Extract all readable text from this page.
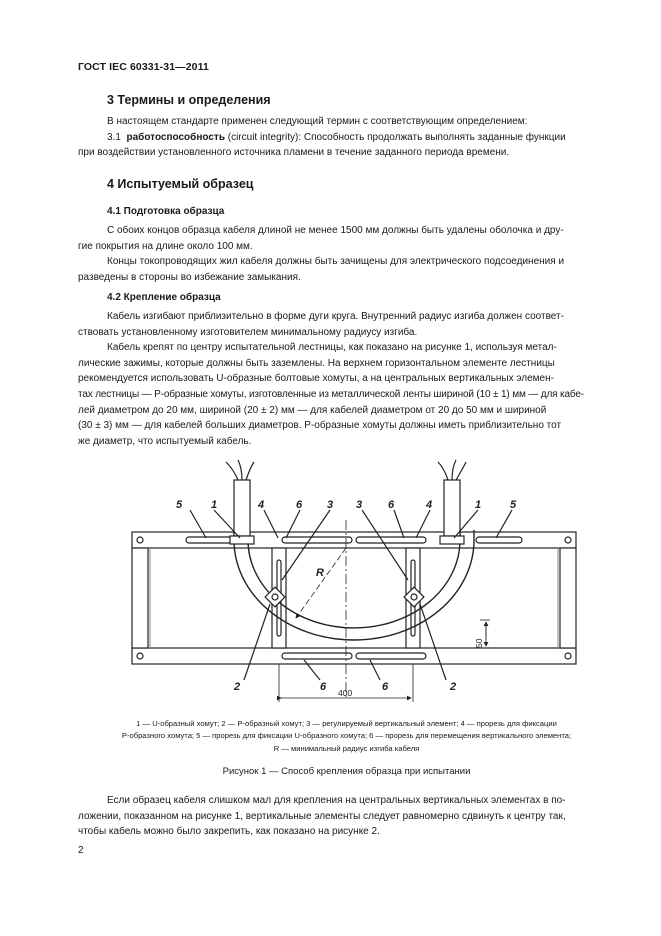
ГОСТ IEC 60331-31—2011
3 Термины и определения
В настоящем стандарте применен следующий термин с соответствующим определением:
3.1 работоспособность (circuit integrity): Способность продолжать выполнять заданные функции
при воздействии установленного источника пламени в течение заданного периода времени.
4 Испытуемый образец
4.1 Подготовка образца
С обоих концов образца кабеля длиной не менее 1500 мм должны быть удалены оболочка и дру-
гие покрытия на длине около 100 мм.
Концы токопроводящих жил кабеля должны быть зачищены для электрического подсоединения и
разведены в стороны во избежание замыкания.
4.2 Крепление образца
Кабель изгибают приблизительно в форме дуги круга. Внутренний радиус изгиба должен соответ-
ствовать установленному изготовителем минимальному радиусу изгиба.
Кабель крепят по центру испытательной лестницы, как показано на рисунке 1, используя метал-
лические зажимы, которые должны быть заземлены. На верхнем горизонтальном элементе лестницы
рекомендуется использовать U-образные болтовые хомуты, а на центральных вертикальных элемен-
тах лестницы — Р-образные хомуты, изготовленные из металлической ленты шириной (10 ± 1) мм — для кабе-
лей диаметром до 20 мм, шириной (20 ± 2) мм — для кабелей диаметром от 20 до 50 мм и шириной
(30 ± 3) мм — для кабелей больших диаметров. Р-образные хомуты должны иметь приблизительно тот
же диаметр, что испытуемый кабель.
5	1	4	6 3 3 6	4	1	5
2	6	6	2
R
400
50
1 — U-образный хомут; 2 — Р-образный хомут; 3 — регулируемый вертикальный элемент; 4 — прорезь для фиксации
Р-образного хомута; 5 — прорезь для фиксации U-образного хомута; 6 — прорезь для перемещения вертикального элемента;
R — минимальный радиус изгиба кабеля
Рисунок 1 — Способ крепления образца при испытании
Если образец кабеля слишком мал для крепления на центральных вертикальных элементах в по-
ложении, показанном на рисунке 1, вертикальные элементы следует равномерно сдвинуть к центру так,
чтобы кабель можно было закрепить, как показано на рисунке 2.
2
